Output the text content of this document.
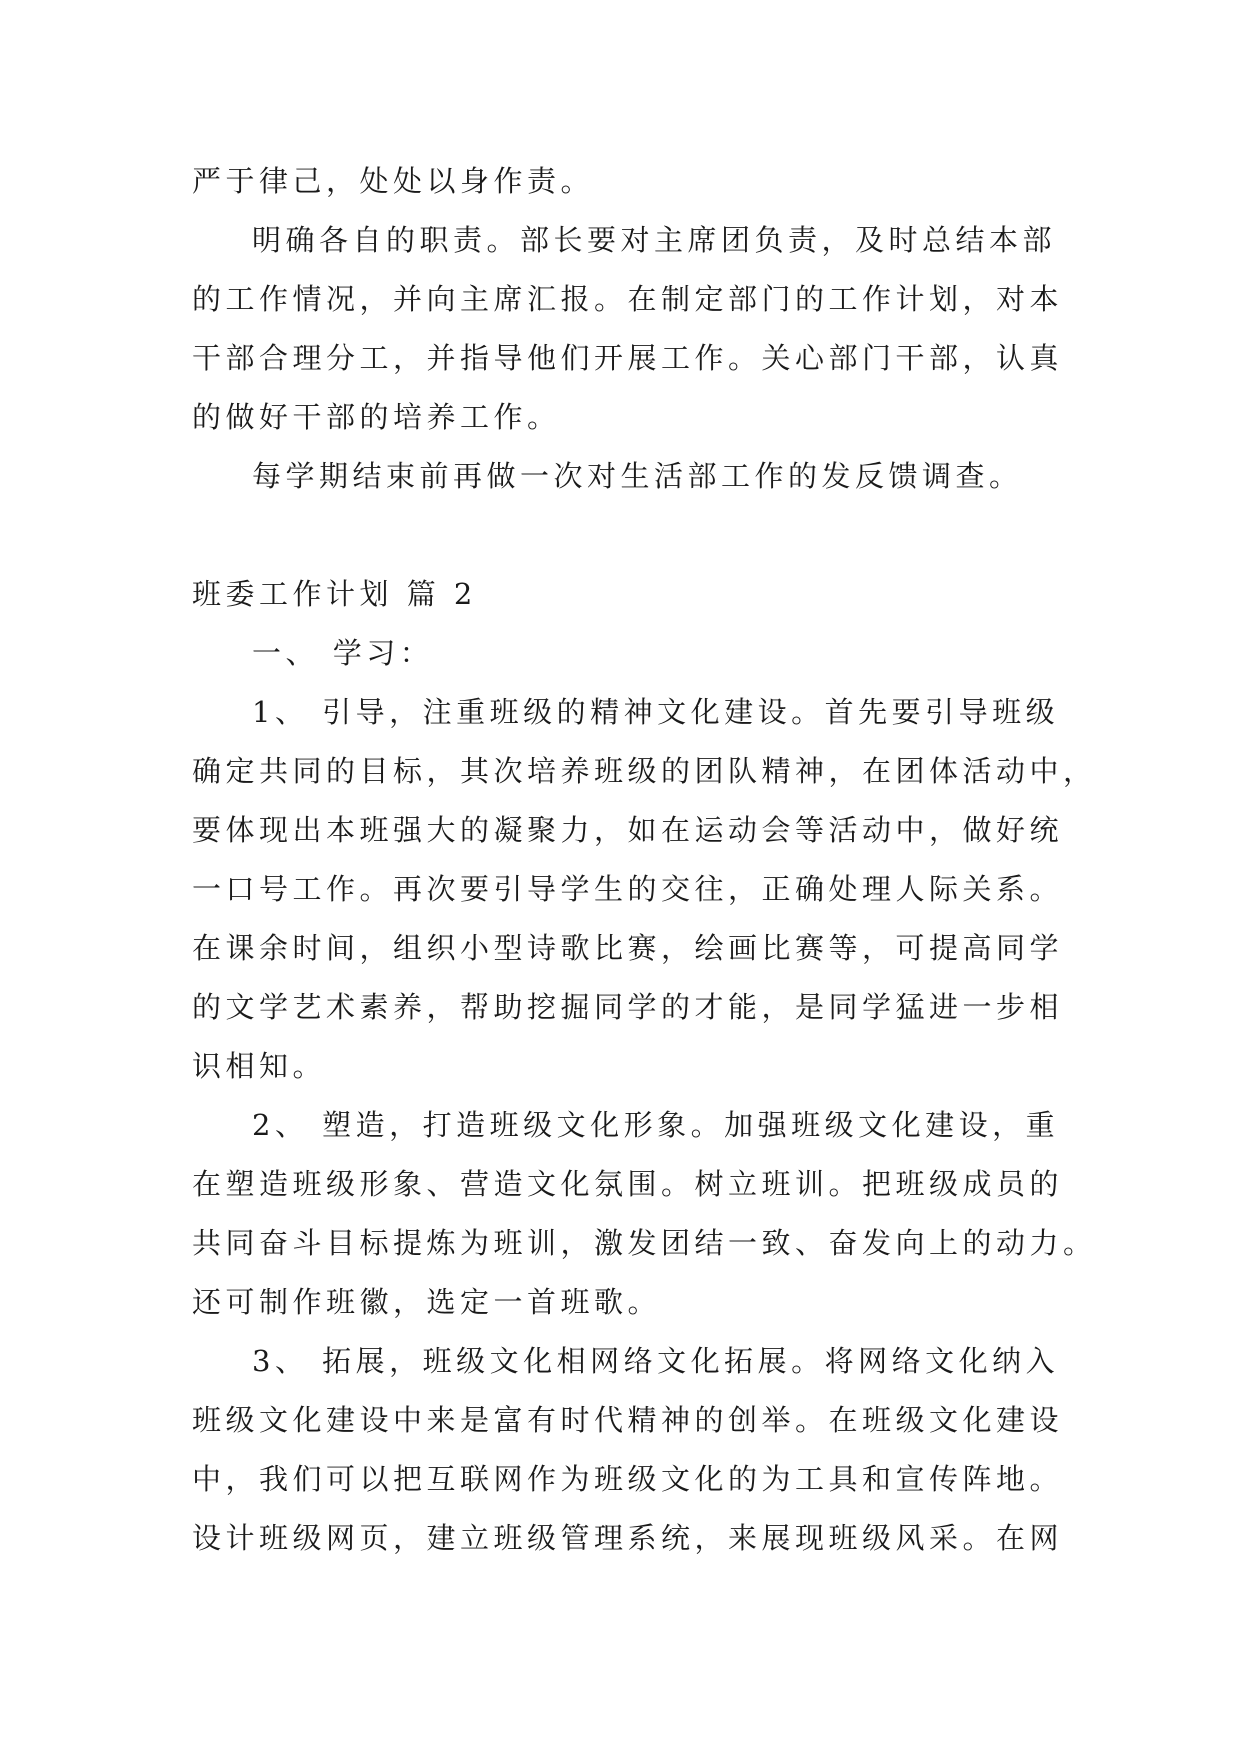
严于律己，处处以身作责。
明确各自的职责。部长要对主席团负责，及时总结本部
的工作情况，并向主席汇报。在制定部门的工作计划，对本
干部合理分工，并指导他们开展工作。关心部门干部，认真
的做好干部的培养工作。
每学期结束前再做一次对生活部工作的发反馈调查。
班委工作计划 篇 2
一、 学习：
1、 引导，注重班级的精神文化建设。首先要引导班级
确定共同的目标，其次培养班级的团队精神，在团体活动中，
要体现出本班强大的凝聚力，如在运动会等活动中，做好统
一口号工作。再次要引导学生的交往，正确处理人际关系。
在课余时间，组织小型诗歌比赛，绘画比赛等，可提高同学
的文学艺术素养，帮助挖掘同学的才能，是同学猛进一步相
识相知。
2、 塑造，打造班级文化形象。加强班级文化建设，重
在塑造班级形象、营造文化氛围。树立班训。把班级成员的
共同奋斗目标提炼为班训，激发团结一致、奋发向上的动力。
还可制作班徽，选定一首班歌。
3、 拓展，班级文化相网络文化拓展。将网络文化纳入
班级文化建设中来是富有时代精神的创举。在班级文化建设
中，我们可以把互联网作为班级文化的为工具和宣传阵地。
设计班级网页，建立班级管理系统，来展现班级风采。在网
